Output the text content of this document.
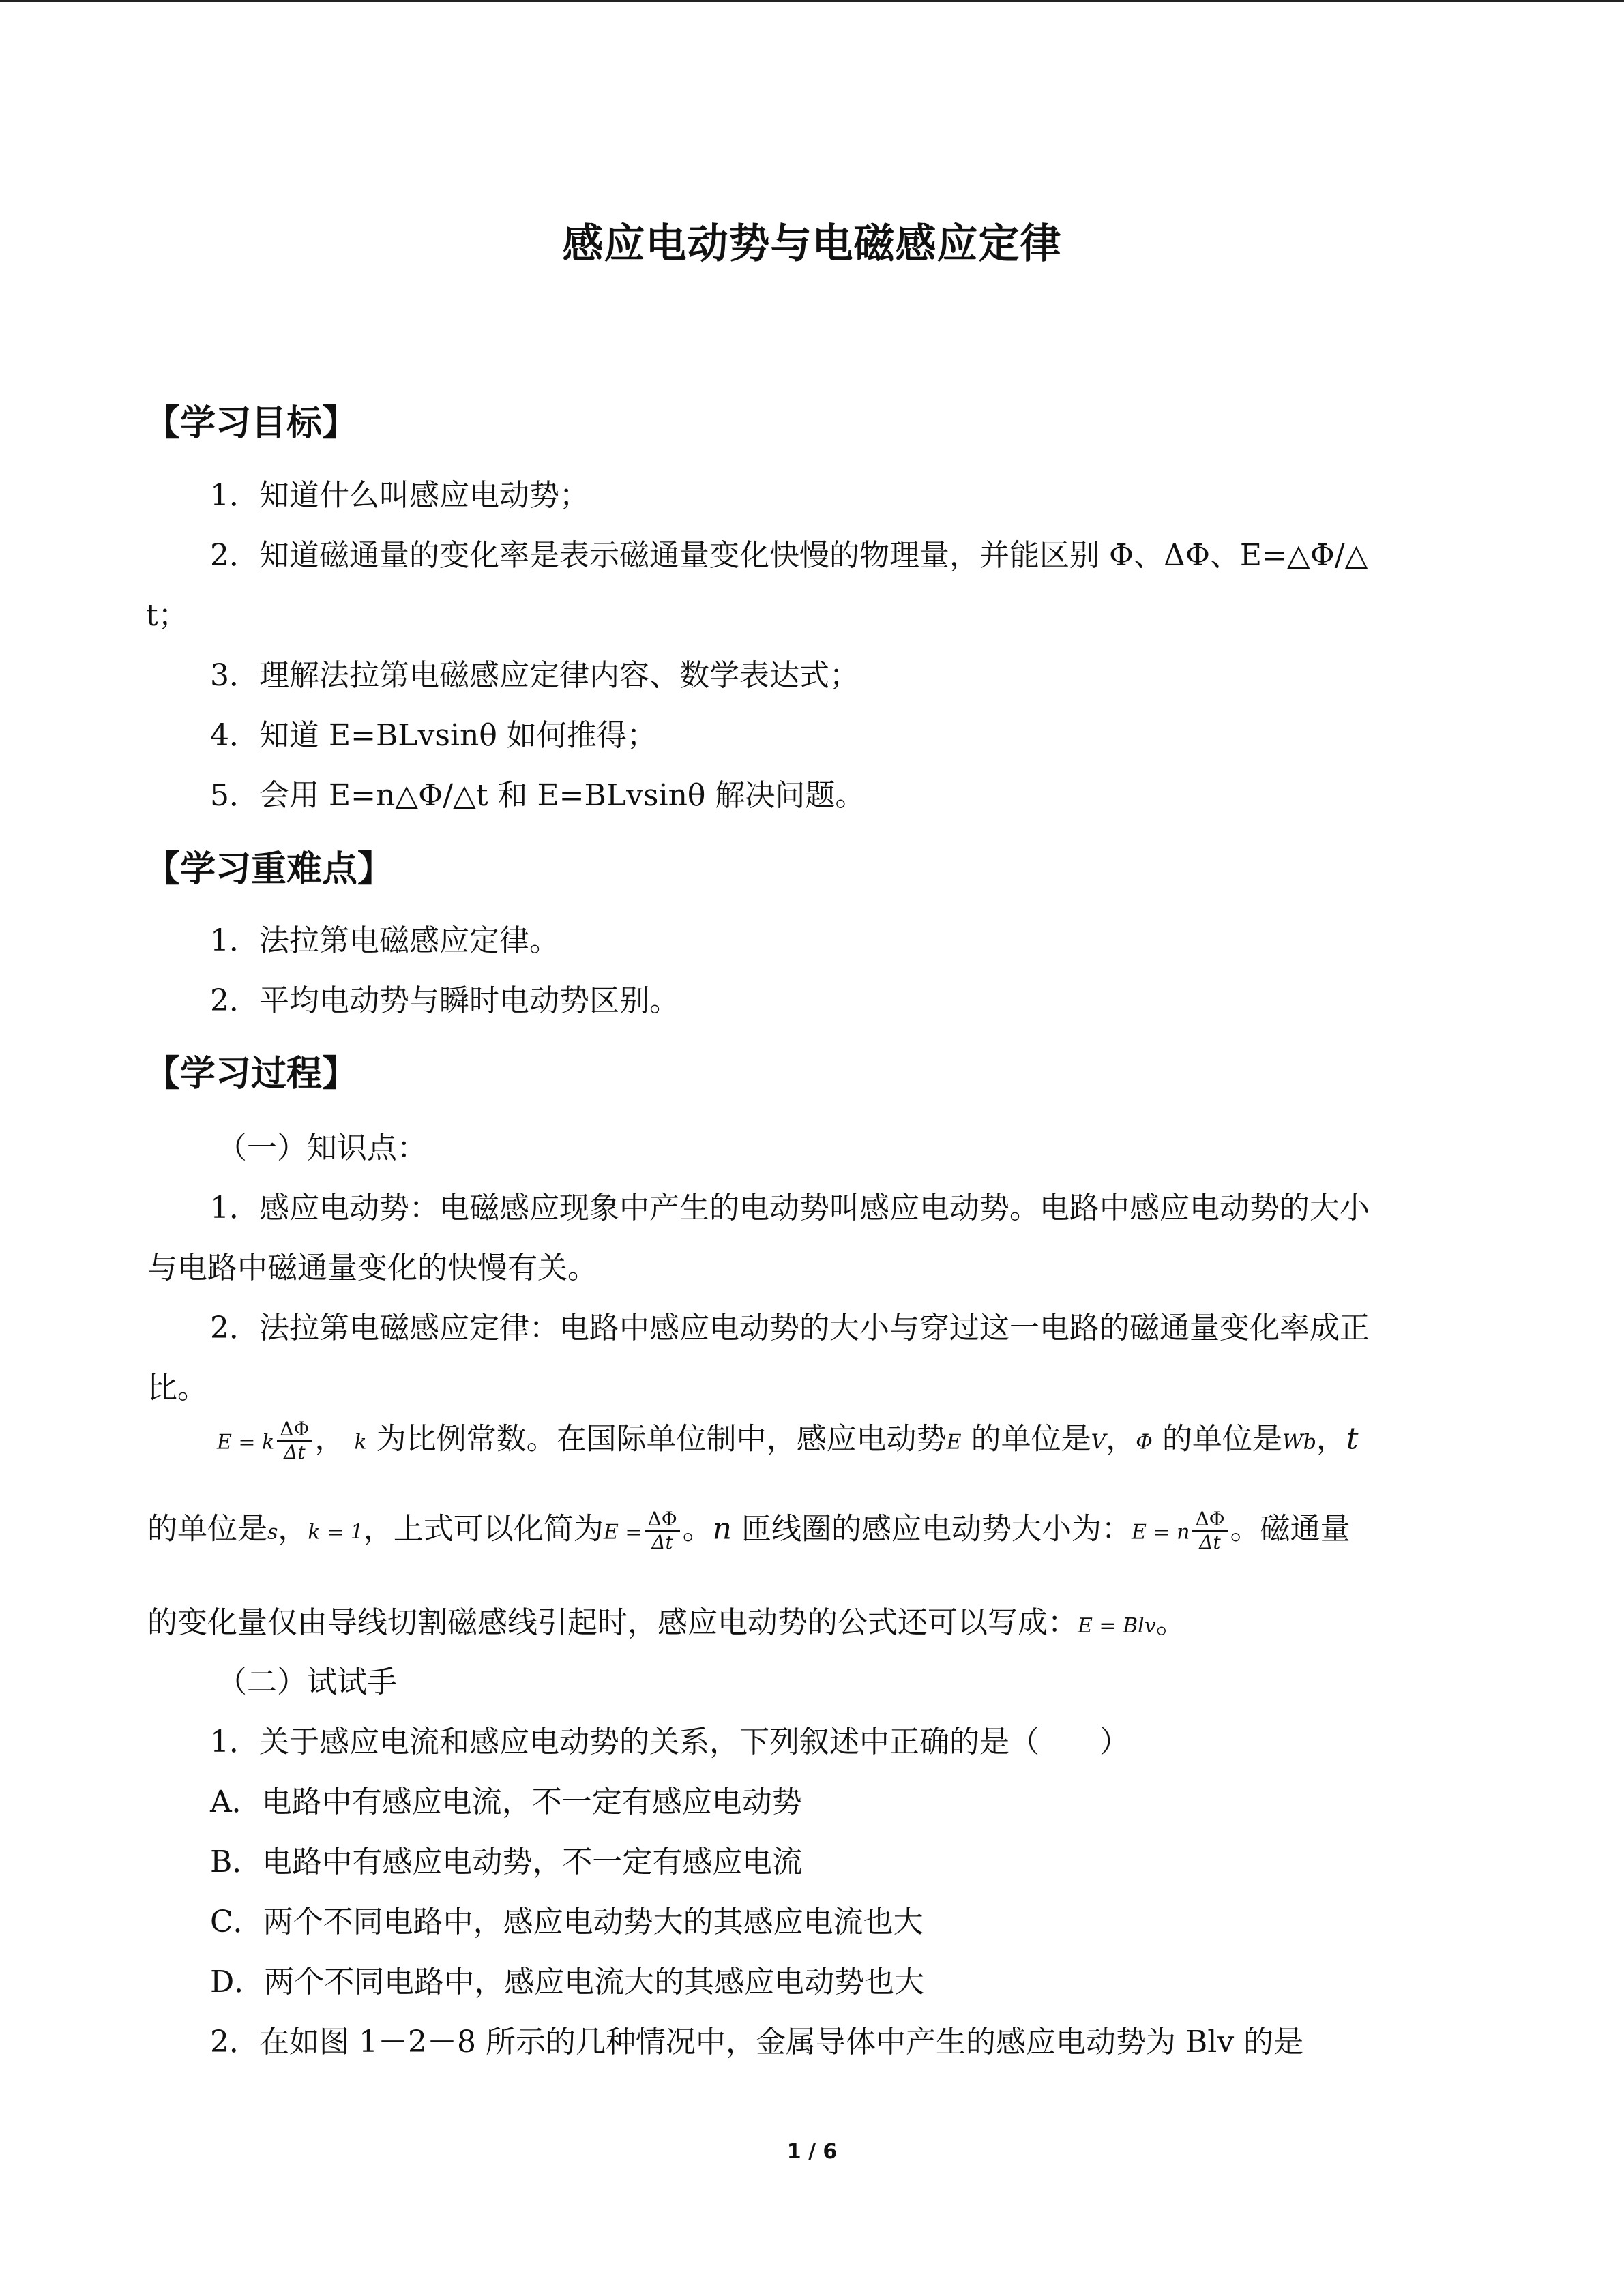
感应电动势与电磁感应定律
【学习目标】
1．知道什么叫感应电动势；
2．知道磁通量的变化率是表示磁通量变化快慢的物理量，并能区别 Φ、ΔΦ、E=△Φ/△
t；
3．理解法拉第电磁感应定律内容、数学表达式；
4．知道 E=BLvsinθ 如何推得；
5．会用 E=n△Φ/△t 和 E=BLvsinθ 解决问题。
【学习重难点】
1．法拉第电磁感应定律。
2．平均电动势与瞬时电动势区别。
【学习过程】
（一）知识点：
1．感应电动势：电磁感应现象中产生的电动势叫感应电动势。电路中感应电动势的大小
与电路中磁通量变化的快慢有关。
2．法拉第电磁感应定律：电路中感应电动势的大小与穿过这一电路的磁通量变化率成正
比。
E = k $\frac{\Delta\Phi}{\Delta t}$ ， k 为比例常数。在国际单位制中，感应电动势E 的单位是V，Φ 的单位是Wb，t
的单位是s，k = 1，上式可以化简为$E = \frac{\Delta\Phi}{\Delta t}$ 。n 匝线圈的感应电动势大小为：E = n $\frac{\Delta\Phi}{\Delta t}$ 。磁通量
的变化量仅由导线切割磁感线引起时，感应电动势的公式还可以写成：E = Blv。
（二）试试手
1．关于感应电流和感应电动势的关系，下列叙述中正确的是（　　）
A．电路中有感应电流，不一定有感应电动势
B．电路中有感应电动势，不一定有感应电流
C．两个不同电路中，感应电动势大的其感应电流也大
D．两个不同电路中，感应电流大的其感应电动势也大
2．在如图 1－2－8 所示的几种情况中，金属导体中产生的感应电动势为 Blv 的是
1 / 6
